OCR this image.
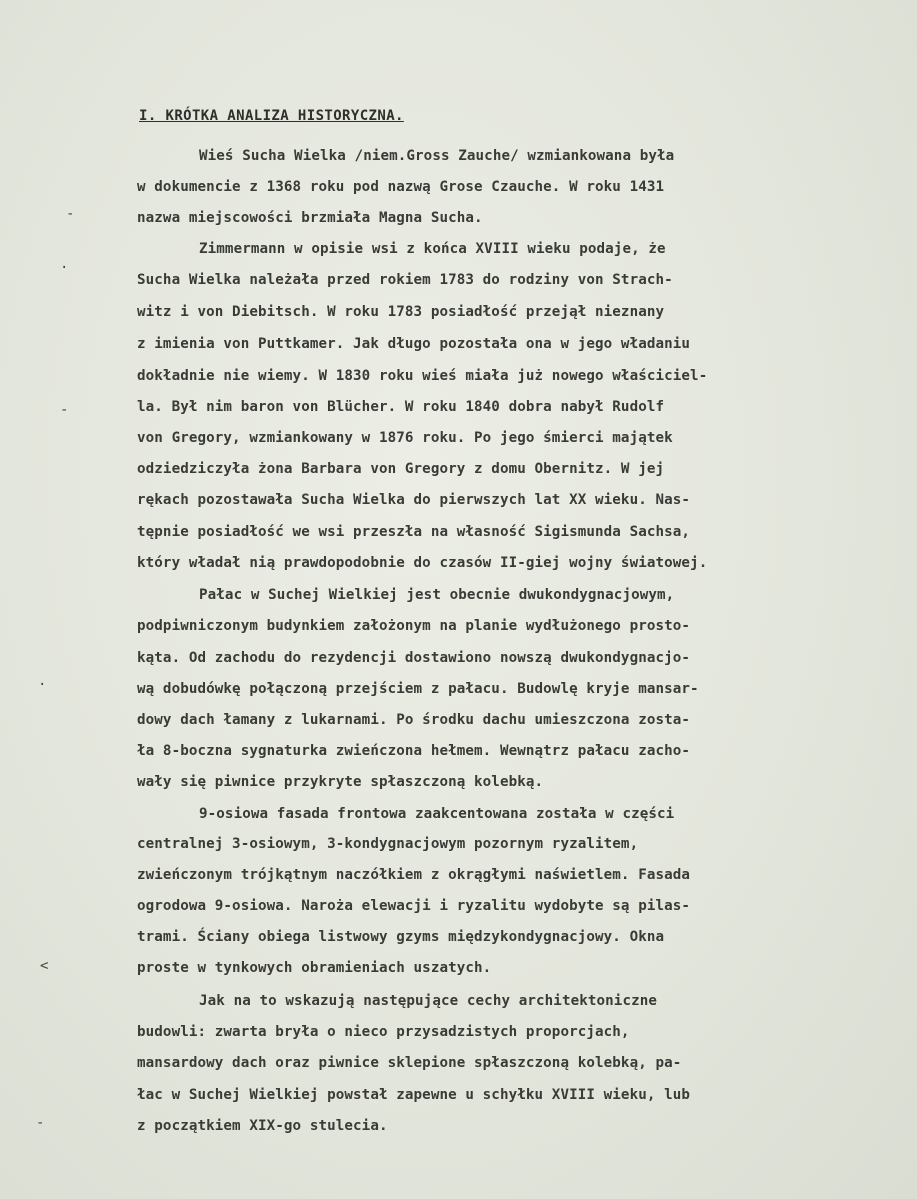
I. KRÓTKA ANALIZA HISTORYCZNA.
Wieś Sucha Wielka /niem.Gross Zauche/ wzmiankowana była
w dokumencie z 1368 roku pod nazwą Grose Czauche. W roku 1431
nazwa miejscowości brzmiała Magna Sucha.
Zimmermann w opisie wsi z końca XVIII wieku podaje, że
Sucha Wielka należała przed rokiem 1783 do rodziny von Strach-
witz i von Diebitsch. W roku 1783 posiadłość przejął nieznany
z imienia von Puttkamer. Jak długo pozostała ona w jego władaniu
dokładnie nie wiemy. W 1830 roku wieś miała już nowego właściciel-
la. Był nim baron von Blücher. W roku 1840 dobra nabył Rudolf
von Gregory, wzmiankowany w 1876 roku. Po jego śmierci majątek
odziedziczyła żona Barbara von Gregory z domu Obernitz. W jej
rękach pozostawała Sucha Wielka do pierwszych lat XX wieku. Nas-
tępnie posiadłość we wsi przeszła na własność Sigismunda Sachsa,
który władał nią prawdopodobnie do czasów II-giej wojny światowej.
Pałac w Suchej Wielkiej jest obecnie dwukondygnacjowym,
podpiwniczonym budynkiem założonym na planie wydłużonego prosto-
kąta. Od zachodu do rezydencji dostawiono nowszą dwukondygnacjo-
wą dobudówkę połączoną przejściem z pałacu. Budowlę kryje mansar-
dowy dach łamany z lukarnami. Po środku dachu umieszczona zosta-
ła 8-boczna sygnaturka zwieńczona hełmem. Wewnątrz pałacu zacho-
wały się piwnice przykryte spłaszczoną kolebką.
9-osiowa fasada frontowa zaakcentowana została w części
centralnej 3-osiowym, 3-kondygnacjowym pozornym ryzalitem,
zwieńczonym trójkątnym naczółkiem z okrągłymi naświetlem. Fasada
ogrodowa 9-osiowa. Naroża elewacji i ryzalitu wydobyte są pilas-
trami. Ściany obiega listwowy gzyms międzykondygnacjowy. Okna
proste w tynkowych obramieniach uszatych.
Jak na to wskazują następujące cechy architektoniczne
budowli: zwarta bryła o nieco przysadzistych proporcjach,
mansardowy dach oraz piwnice sklepione spłaszczoną kolebką, pa-
łac w Suchej Wielkiej powstał zapewne u schyłku XVIII wieku, lub
z początkiem XIX-go stulecia.
-
·
-
·
<
-
